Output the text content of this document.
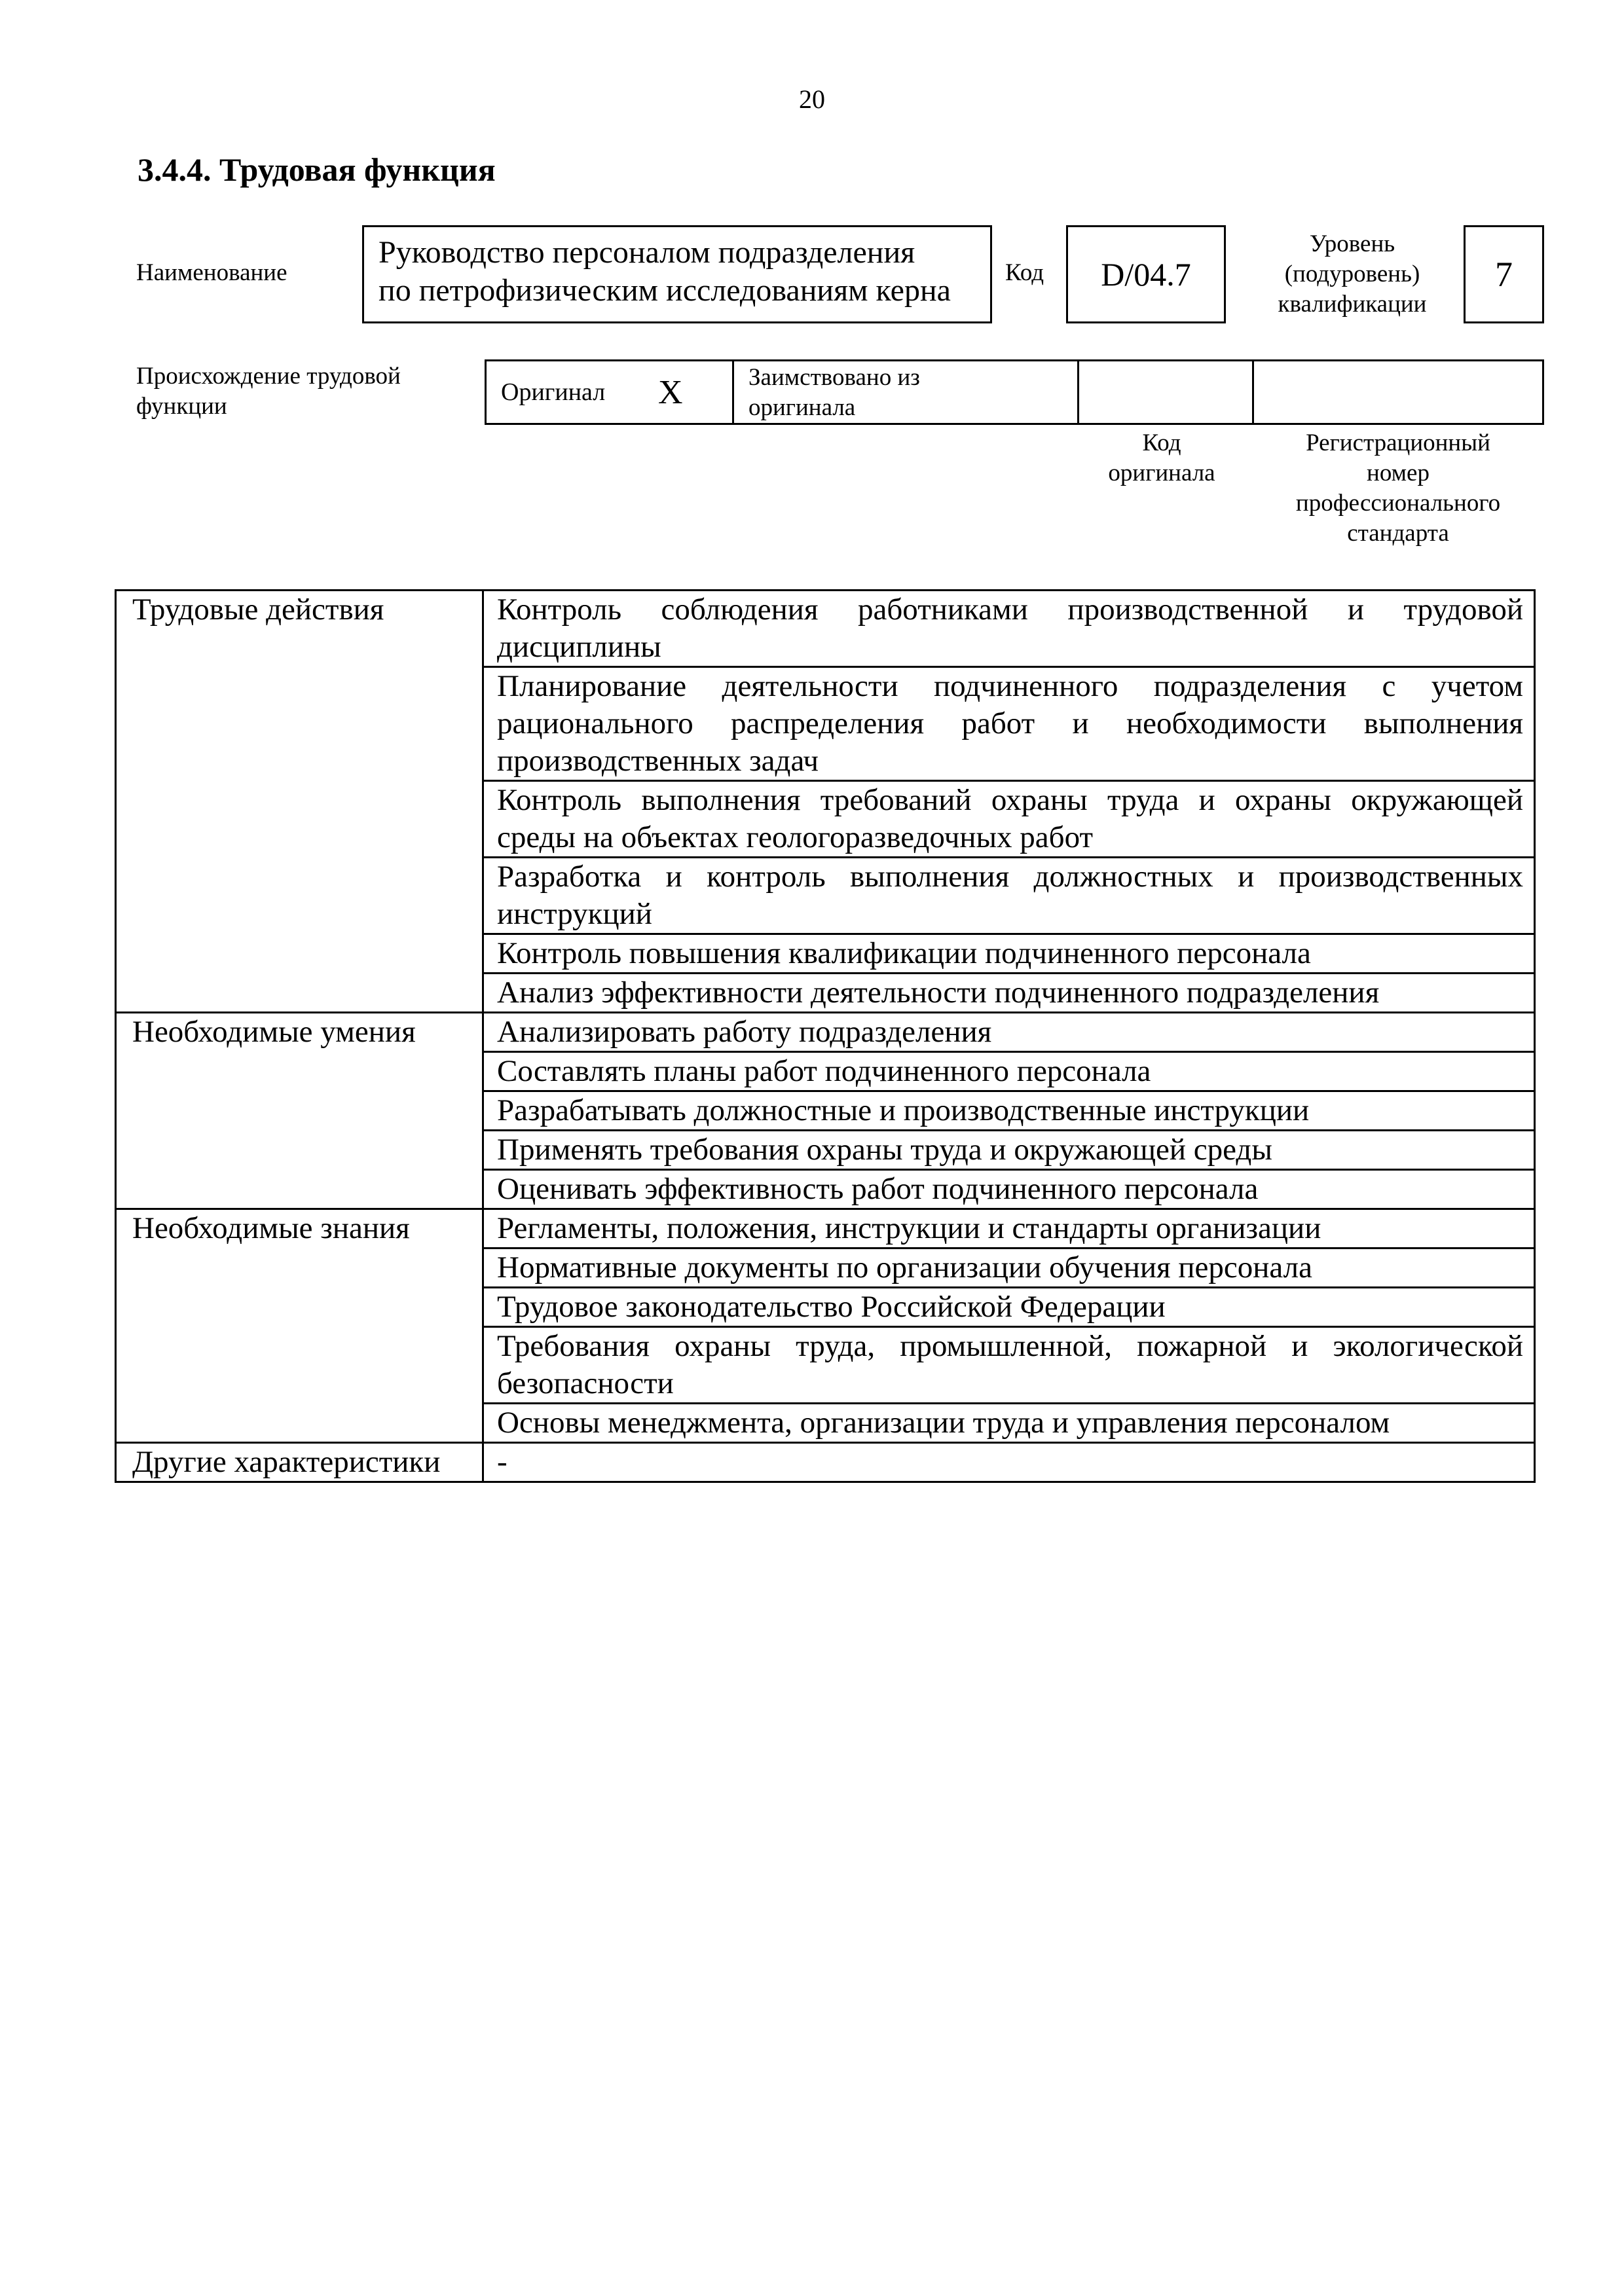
20
3.4.4. Трудовая функция
Наименование
Руководство персоналом подразделения
по петрофизическим исследованиям керна
Код	D/04.7
Уровень
(подуровень)
квалификации
7
Происхождение трудовой
функции
Оригинал X	Заимствовано из
оригинала
Код
оригинала
Регистрационный
номер
профессионального
стандарта
Трудовые действия	Контроль соблюдения работниками производственной и трудовой дисциплины
	Планирование деятельности подчиненного подразделения с учетом рационального распределения работ и необходимости выполнения производственных задач
	Контроль выполнения требований охраны труда и охраны окружающей среды на объектах геологоразведочных работ
	Разработка и контроль выполнения должностных и производственных инструкций
	Контроль повышения квалификации подчиненного персонала
	Анализ эффективности деятельности подчиненного подразделения
Необходимые умения	Анализировать работу подразделения
	Составлять планы работ подчиненного персонала
	Разрабатывать должностные и производственные инструкции
	Применять требования охраны труда и окружающей среды
	Оценивать эффективность работ подчиненного персонала
Необходимые знания	Регламенты, положения, инструкции и стандарты организации
	Нормативные документы по организации обучения персонала
	Трудовое законодательство Российской Федерации
	Требования охраны труда, промышленной, пожарной и экологической безопасности
	Основы менеджмента, организации труда и управления персоналом
Другие характеристики	-
